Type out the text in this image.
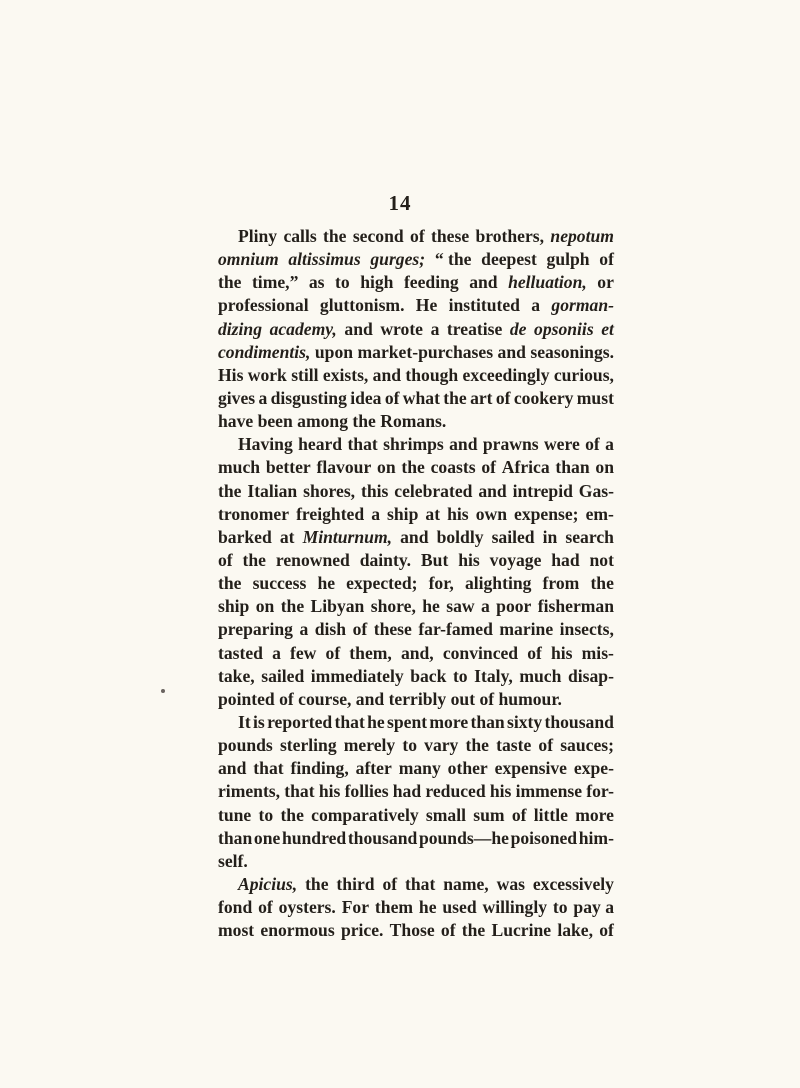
14
Pliny calls the second of these brothers, nepotum
omnium altissimus gurges; “ the deepest gulph of
the time,” as to high feeding and helluation, or
professional gluttonism. He instituted a gorman-
dizing academy, and wrote a treatise de opsoniis et
condimentis, upon market-purchases and seasonings.
His work still exists, and though exceedingly curious,
gives a disgusting idea of what the art of cookery must
have been among the Romans.
Having heard that shrimps and prawns were of a
much better flavour on the coasts of Africa than on
the Italian shores, this celebrated and intrepid Gas-
tronomer freighted a ship at his own expense; em-
barked at Minturnum, and boldly sailed in search
of the renowned dainty. But his voyage had not
the success he expected; for, alighting from the
ship on the Libyan shore, he saw a poor fisherman
preparing a dish of these far-famed marine insects,
tasted a few of them, and, convinced of his mis-
take, sailed immediately back to Italy, much disap-
pointed of course, and terribly out of humour.
It is reported that he spent more than sixty thousand
pounds sterling merely to vary the taste of sauces;
and that finding, after many other expensive expe-
riments, that his follies had reduced his immense for-
tune to the comparatively small sum of little more
than one hundred thousand pounds—he poisoned him-
self.
Apicius, the third of that name, was excessively
fond of oysters. For them he used willingly to pay a
most enormous price. Those of the Lucrine lake, of
